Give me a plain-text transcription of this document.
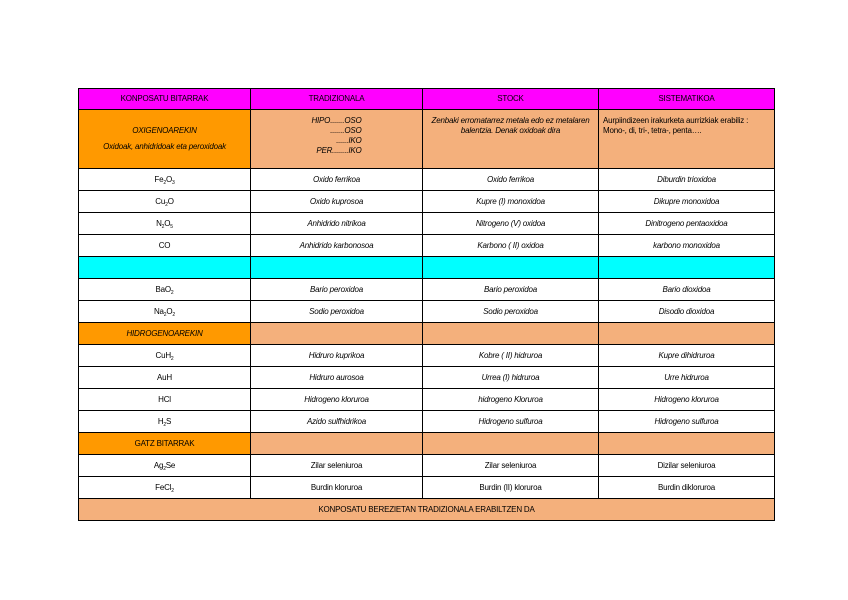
KONPOSATU BITARRAK	TRADIZIONALA	STOCK	SISTEMATIKOA

OXIGENOAREKIN
Oxidoak, anhidridoak eta peroxidoak	HIPO.......OSO
.......OSO
......IKO
PER........IKO	Zenbaki erromatarrez metala edo ez metalaren balentzia. Denak oxidoak dira	Aurpiindizeen irakurketa aurrizkiak erabiliz : Mono-, di, tri-, tetra-, penta….
$Fe_2O_3$	Oxido ferrikoa	Oxido ferrikoa	Diburdin trioxidoa
$Cu_2O$	Oxido kuprosoa	Kupre (I) monoxidoa	Dikupre monoxidoa
$N_2O_5$	Anhidrido nitrikoa	Nitrogeno (V) oxidoa	Dinitrogeno pentaoxidoa
CO	Anhidrido karbonosoa	Karbono ( II) oxidoa	karbono monoxidoa

BaO$_2$	Bario peroxidoa	Bario peroxidoa	Bario dioxidoa
$Na_2O_2$	Sodio peroxidoa	Sodio peroxidoa	Disodio dioxidoa
HIDROGENOAREKIN			
CuH$_2$	Hidruro kuprikoa	Kobre ( II) hidruroa	Kupre dihidruroa
AuH	Hidruro aurosoa	Urrea (I) hidruroa	Urre hidruroa
HCl	Hidrogeno kloruroa	hidrogeno Kloruroa	Hidrogeno kloruroa
$H_2S$	Azido sulfhidrikoa	Hidrogeno sulfuroa	Hidrogeno sulfuroa
GATZ BITARRAK			
$Ag_2Se$	Zilar seleniuroa	Zilar seleniuroa	Dizilar seleniuroa
FeCl$_2$	Burdin kloruroa	Burdin (II) kloruroa	Burdin dikloruroa
KONPOSATU BEREZIETAN TRADIZIONALA ERABILTZEN DA			
